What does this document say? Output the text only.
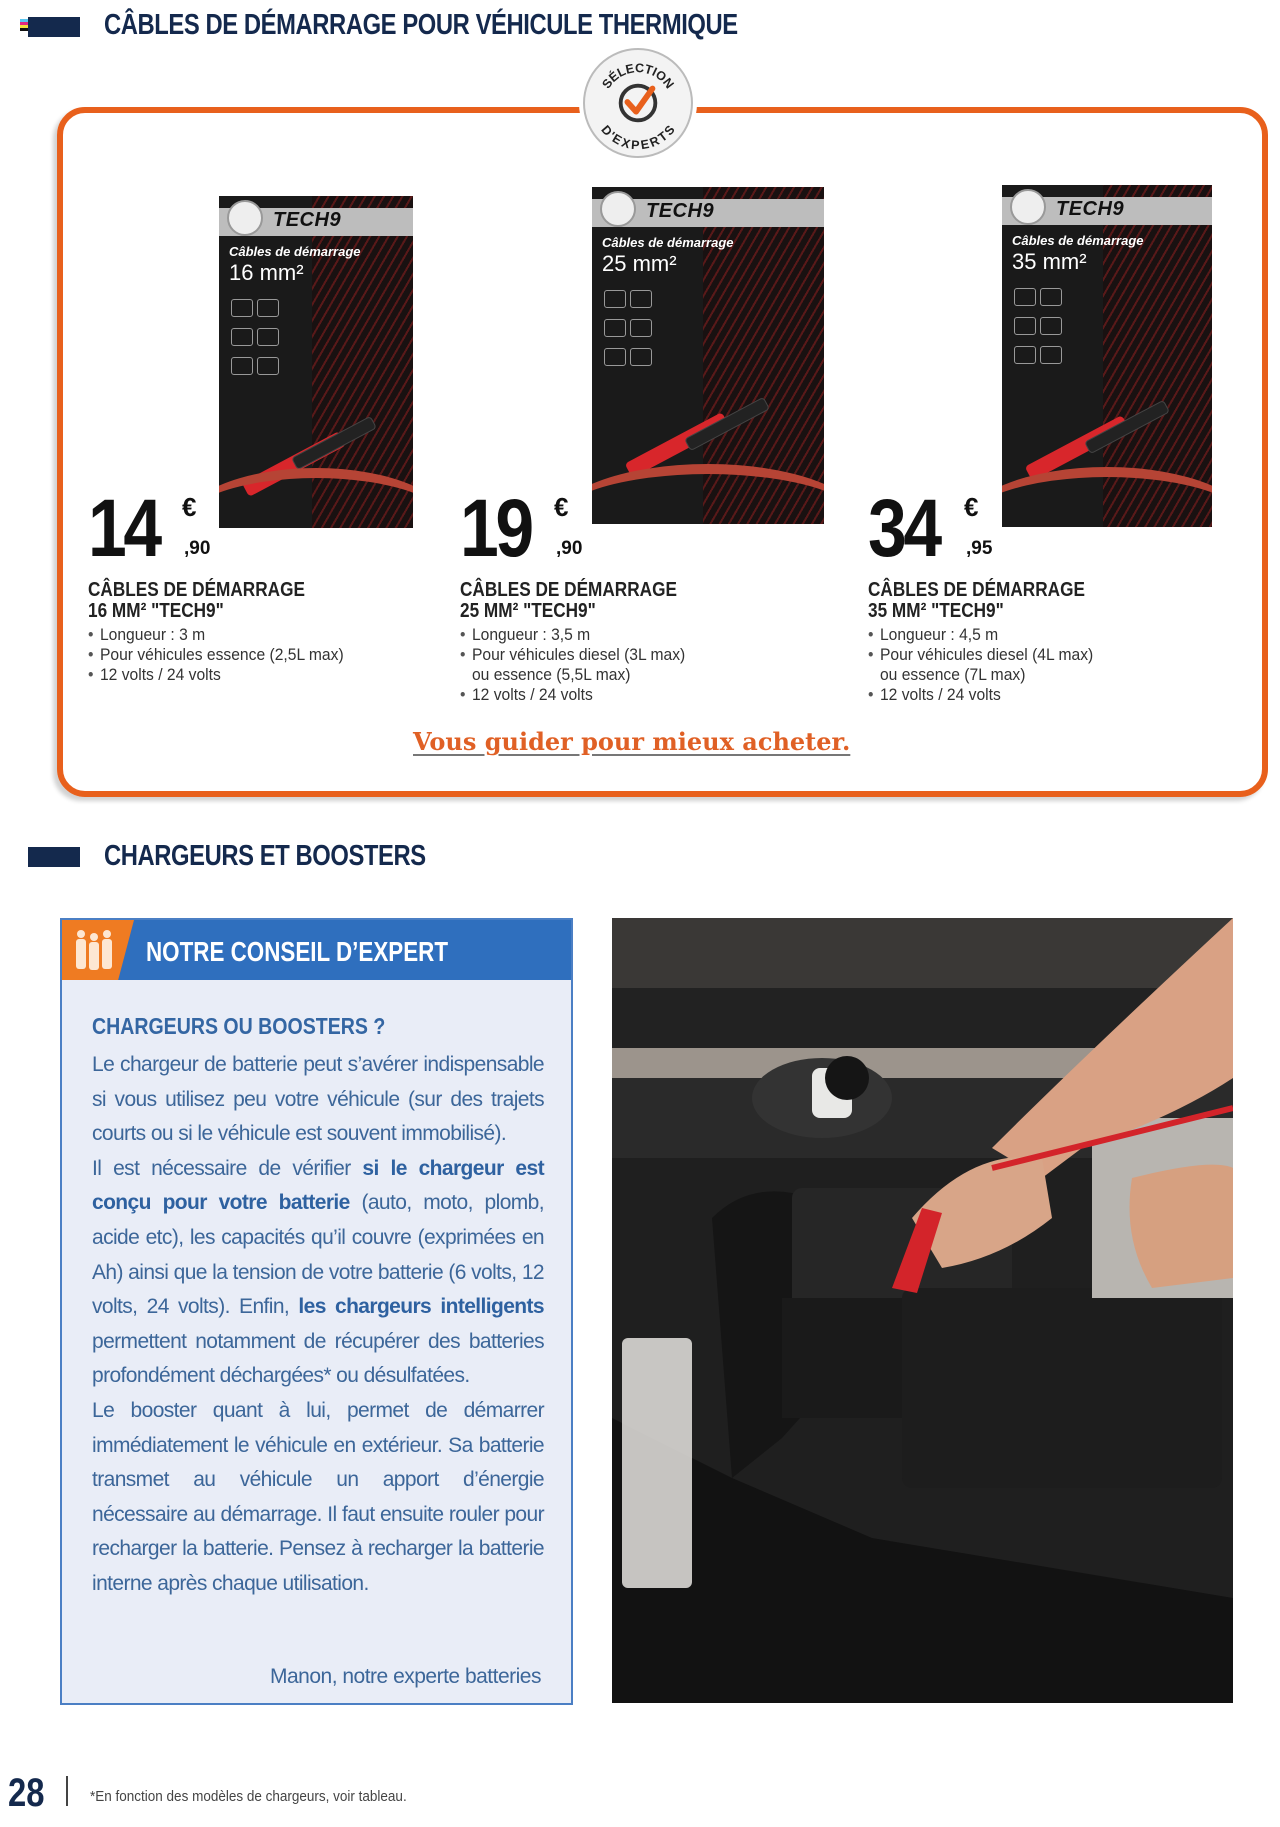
CÂBLES DE DÉMARRAGE POUR VÉHICULE THERMIQUE
SÉLECTION
D'EXPERTS
TECH9
Câbles de démarrage
16 mm²
TECH9
Câbles de démarrage
25 mm²
TECH9
Câbles de démarrage
35 mm²
14 €
,90	19 €
,90	34 €
,95
CÂBLES DE DÉMARRAGE
16 MM² "TECH9"
CÂBLES DE DÉMARRAGE
25 MM² "TECH9"
CÂBLES DE DÉMARRAGE
35 MM² "TECH9"
• Longueur : 3 m
• Pour véhicules essence (2,5L max)
• 12 volts / 24 volts
• Longueur : 3,5 m
• Pour véhicules diesel (3L max)
ou essence (5,5L max)
• 12 volts / 24 volts
• Longueur : 4,5 m
• Pour véhicules diesel (4L max)
ou essence (7L max)
• 12 volts / 24 volts
Vous guider pour mieux acheter.
CHARGEURS ET BOOSTERS
NOTRE CONSEIL D’EXPERT
CHARGEURS OU BOOSTERS ?

Le chargeur de batterie peut s’avérer indispensable si vous utilisez peu votre véhicule (sur des trajets courts ou si le véhicule est souvent immobilisé).

Il est nécessaire de vérifier si le chargeur est conçu pour votre batterie (auto, moto, plomb, acide etc), les capacités qu’il couvre (exprimées en Ah) ainsi que la tension de votre batterie (6 volts, 12 volts, 24 volts). Enfin, les chargeurs intelligents permettent notamment de récupérer des batteries profondément déchargées* ou désulfatées.

Le booster quant à lui, permet de démarrer immédiatement le véhicule en extérieur. Sa batterie transmet au véhicule un apport d’énergie nécessaire au démarrage. Il faut ensuite rouler pour recharger la batterie. Pensez à recharger la batterie interne après chaque utilisation.

Manon, notre experte batteries
28	*En fonction des modèles de chargeurs, voir tableau.
